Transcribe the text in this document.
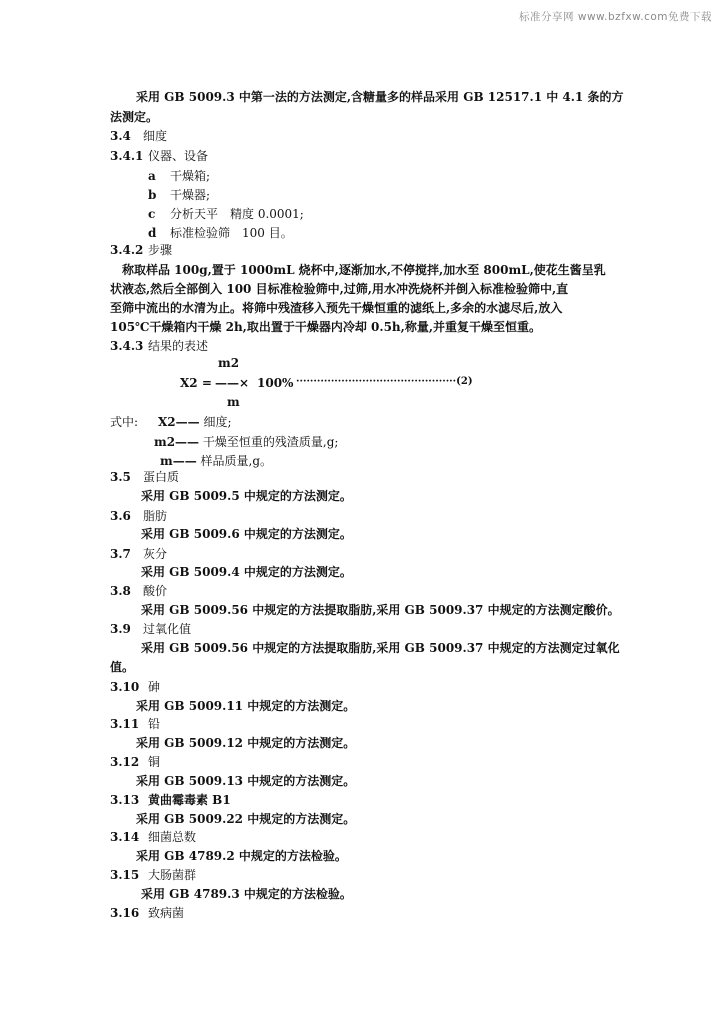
标准分享网 www.bzfxw.com免费下载
采用 GB 5009.3 中第一法的方法测定,含糖量多的样品采用 GB 12517.1 中 4.1 条的方
法测定。
3.4 细度
3.4.1 仪器、设备
a 干燥箱;
b 干燥器;
c 分析天平　精度 0.0001;
d 标准检验筛　100 目。
3.4.2 步骤
称取样品 100g,置于 1000mL 烧杯中,逐渐加水,不停搅拌,加水至 800mL,使花生酱呈乳
状液态,然后全部倒入 100 目标准检验筛中,过筛,用水冲洗烧杯并倒入标准检验筛中,直
至筛中流出的水清为止。将筛中残渣移入预先干燥恒重的滤纸上,多余的水滤尽后,放入
105℃干燥箱内干燥 2h,取出置于干燥器内冷却 0.5h,称量,并重复干燥至恒重。
3.4.3 结果的表述
m2
X2 = ——× 100% ··············································(2)
m
式中: X2—— 细度;
m2—— 干燥至恒重的残渣质量,g;
m—— 样品质量,g。
3.5 蛋白质
采用 GB 5009.5 中规定的方法测定。
3.6 脂肪
采用 GB 5009.6 中规定的方法测定。
3.7 灰分
采用 GB 5009.4 中规定的方法测定。
3.8 酸价
采用 GB 5009.56 中规定的方法提取脂肪,采用 GB 5009.37 中规定的方法测定酸价。
3.9 过氧化值
采用 GB 5009.56 中规定的方法提取脂肪,采用 GB 5009.37 中规定的方法测定过氧化
值。
3.10 砷
采用 GB 5009.11 中规定的方法测定。
3.11 铅
采用 GB 5009.12 中规定的方法测定。
3.12 铜
采用 GB 5009.13 中规定的方法测定。
3.13 黄曲霉毒素 B1
采用 GB 5009.22 中规定的方法测定。
3.14 细菌总数
采用 GB 4789.2 中规定的方法检验。
3.15 大肠菌群
采用 GB 4789.3 中规定的方法检验。
3.16 致病菌
